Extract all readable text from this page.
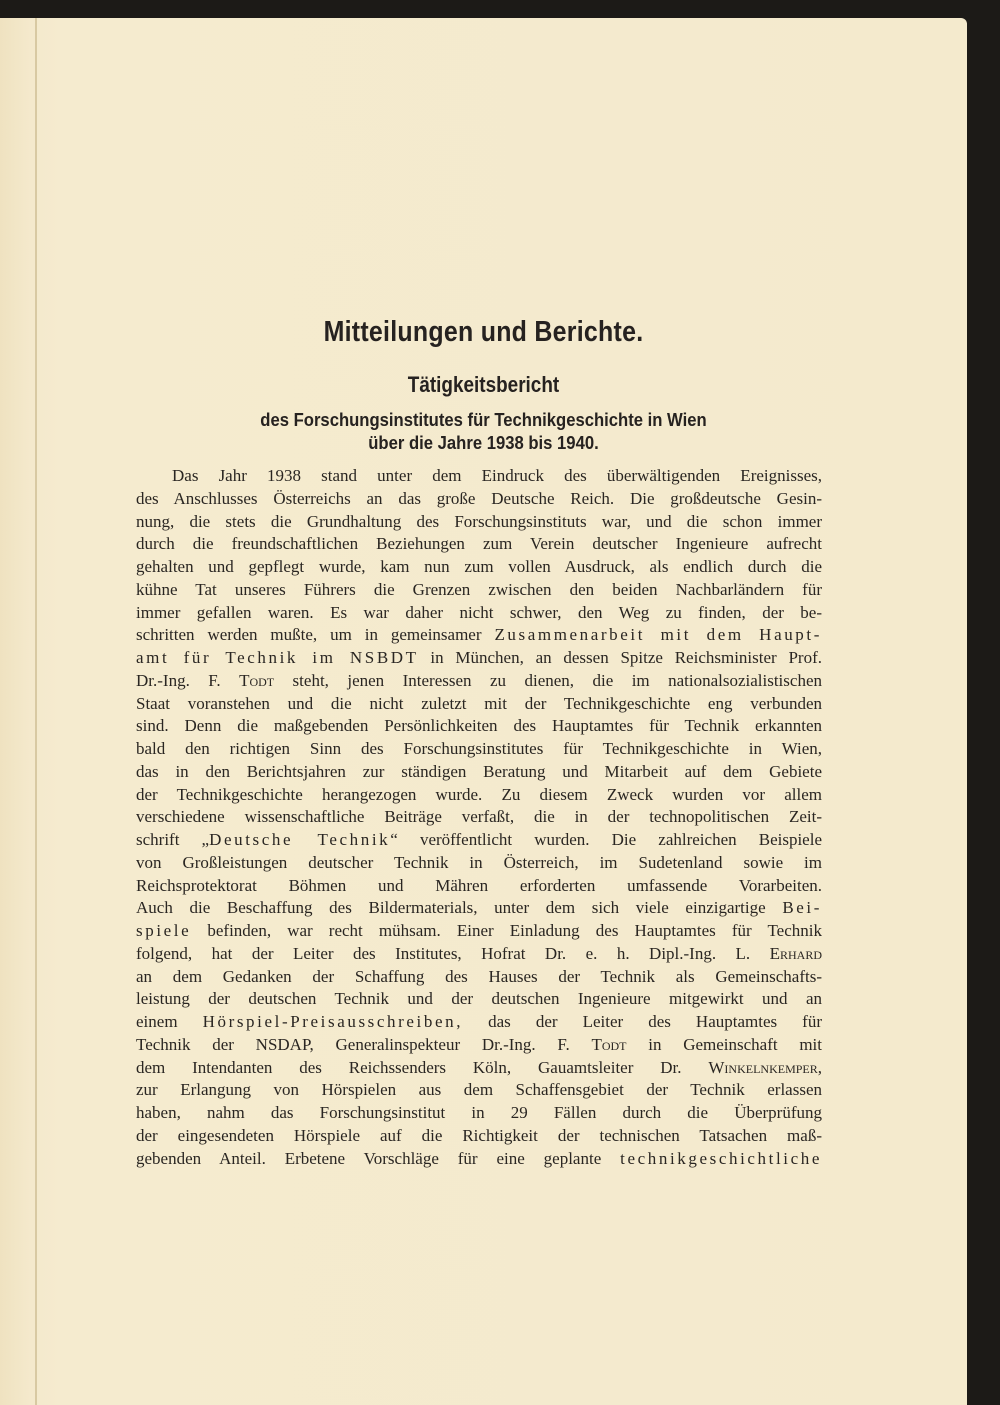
Mitteilungen und Berichte.
Tätigkeitsbericht
des Forschungsinstitutes für Technikgeschichte in Wien
über die Jahre 1938 bis 1940.
Das Jahr 1938 stand unter dem Eindruck des überwältigenden Ereignisses,
des Anschlusses Österreichs an das große Deutsche Reich. Die großdeutsche Gesin-
nung, die stets die Grundhaltung des Forschungsinstituts war, und die schon immer
durch die freundschaftlichen Beziehungen zum Verein deutscher Ingenieure aufrecht
gehalten und gepflegt wurde, kam nun zum vollen Ausdruck, als endlich durch die
kühne Tat unseres Führers die Grenzen zwischen den beiden Nachbarländern für
immer gefallen waren. Es war daher nicht schwer, den Weg zu finden, der be-
schritten werden mußte, um in gemeinsamer Zusammenarbeit mit dem Haupt-
amt für Technik im NSBDT in München, an dessen Spitze Reichsminister Prof.
Dr.-Ing. F. Todt steht, jenen Interessen zu dienen, die im nationalsozialistischen
Staat voranstehen und die nicht zuletzt mit der Technikgeschichte eng verbunden
sind. Denn die maßgebenden Persönlichkeiten des Hauptamtes für Technik erkannten
bald den richtigen Sinn des Forschungsinstitutes für Technikgeschichte in Wien,
das in den Berichtsjahren zur ständigen Beratung und Mitarbeit auf dem Gebiete
der Technikgeschichte herangezogen wurde. Zu diesem Zweck wurden vor allem
verschiedene wissenschaftliche Beiträge verfaßt, die in der technopolitischen Zeit-
schrift „Deutsche Technik“ veröffentlicht wurden. Die zahlreichen Beispiele
von Großleistungen deutscher Technik in Österreich, im Sudetenland sowie im
Reichsprotektorat Böhmen und Mähren erforderten umfassende Vorarbeiten.
Auch die Beschaffung des Bildermaterials, unter dem sich viele einzigartige Bei-
spiele befinden, war recht mühsam. Einer Einladung des Hauptamtes für Technik
folgend, hat der Leiter des Institutes, Hofrat Dr. e. h. Dipl.-Ing. L. Erhard
an dem Gedanken der Schaffung des Hauses der Technik als Gemeinschafts-
leistung der deutschen Technik und der deutschen Ingenieure mitgewirkt und an
einem Hörspiel-Preisausschreiben, das der Leiter des Hauptamtes für
Technik der NSDAP, Generalinspekteur Dr.-Ing. F. Todt in Gemeinschaft mit
dem Intendanten des Reichssenders Köln, Gauamtsleiter Dr. Winkelnkemper,
zur Erlangung von Hörspielen aus dem Schaffensgebiet der Technik erlassen
haben, nahm das Forschungsinstitut in 29 Fällen durch die Überprüfung
der eingesendeten Hörspiele auf die Richtigkeit der technischen Tatsachen maß-
gebenden Anteil. Erbetene Vorschläge für eine geplante technikgeschichtliche
